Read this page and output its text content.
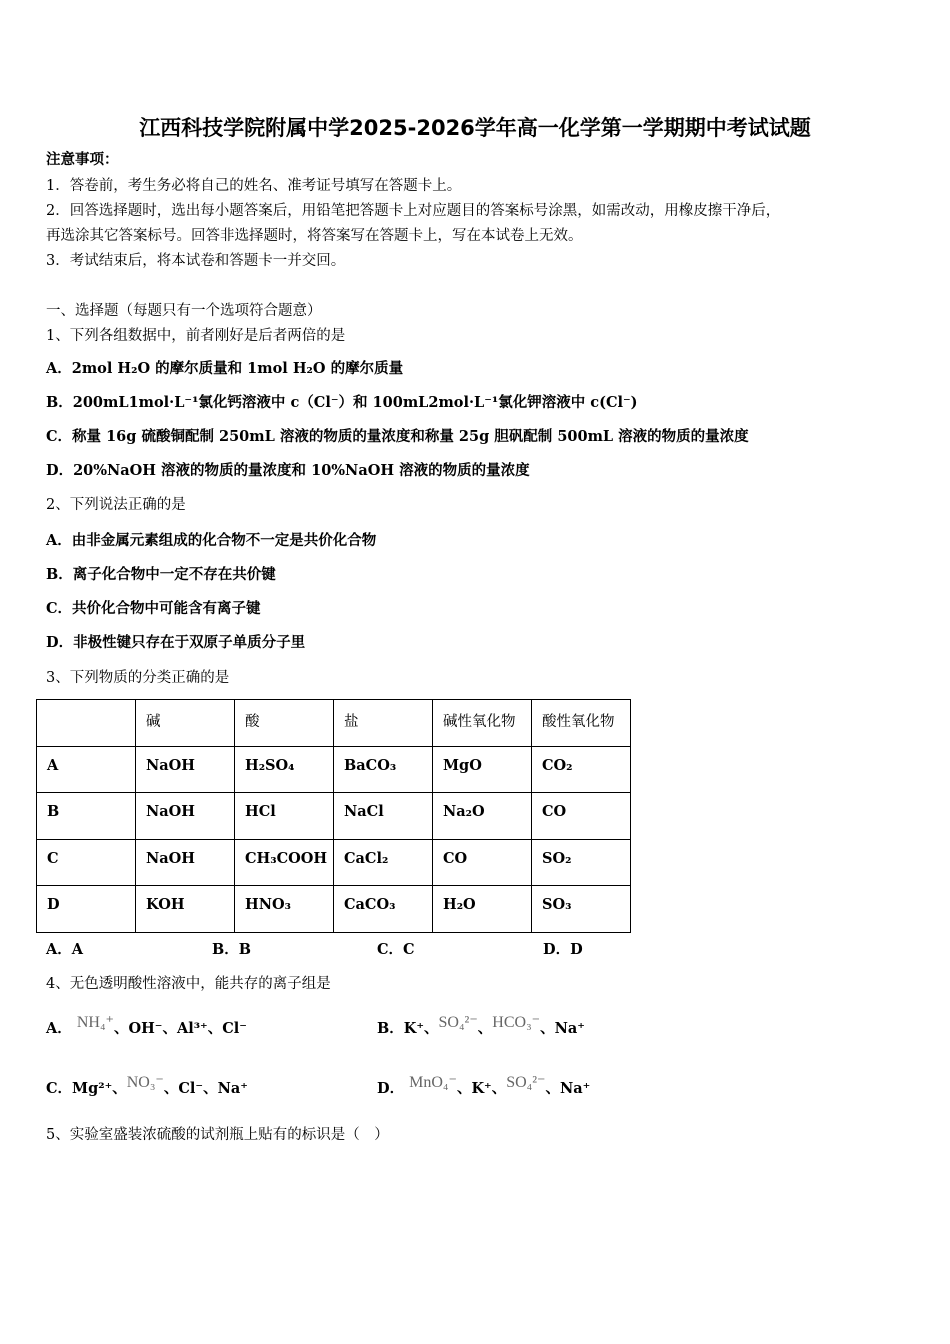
江西科技学院附属中学2025-2026学年高一化学第一学期期中考试试题
注意事项：
1．答卷前，考生务必将自己的姓名、准考证号填写在答题卡上。
2．回答选择题时，选出每小题答案后，用铅笔把答题卡上对应题目的答案标号涂黑，如需改动，用橡皮擦干净后，
再选涂其它答案标号。回答非选择题时，将答案写在答题卡上，写在本试卷上无效。
3．考试结束后，将本试卷和答题卡一并交回。
一、选择题（每题只有一个选项符合题意）
1、下列各组数据中，前者刚好是后者两倍的是
A．2mol H₂O 的摩尔质量和 1mol H₂O 的摩尔质量
B．200mL1mol·L⁻¹氯化钙溶液中 c（Cl⁻）和 100mL2mol·L⁻¹氯化钾溶液中 c(Cl⁻)
C．称量 16g 硫酸铜配制 250mL 溶液的物质的量浓度和称量 25g 胆矾配制 500mL 溶液的物质的量浓度
D．20%NaOH 溶液的物质的量浓度和 10%NaOH 溶液的物质的量浓度
2、下列说法正确的是
A．由非金属元素组成的化合物不一定是共价化合物
B．离子化合物中一定不存在共价键
C．共价化合物中可能含有离子键
D．非极性键只存在于双原子单质分子里
3、下列物质的分类正确的是
	碱	酸	盐	碱性氧化物	酸性氧化物
A	NaOH	H₂SO₄	BaCO₃	MgO	CO₂
B	NaOH	HCl	NaCl	Na₂O	CO
C	NaOH	CH₃COOH	CaCl₂	CO	SO₂
D	KOH	HNO₃	CaCO₃	H₂O	SO₃
A．A	B．B	C．C	D．D
4、无色透明酸性溶液中，能共存的离子组是
A． NH₄⁺、OH⁻、Al³⁺、Cl⁻	B．K⁺、SO₄²⁻、HCO₃⁻、Na⁺
C．Mg²⁺、NO₃⁻、Cl⁻、Na⁺	D． MnO₄⁻、K⁺、SO₄²⁻、Na⁺
5、实验室盛装浓硫酸的试剂瓶上贴有的标识是（　）
